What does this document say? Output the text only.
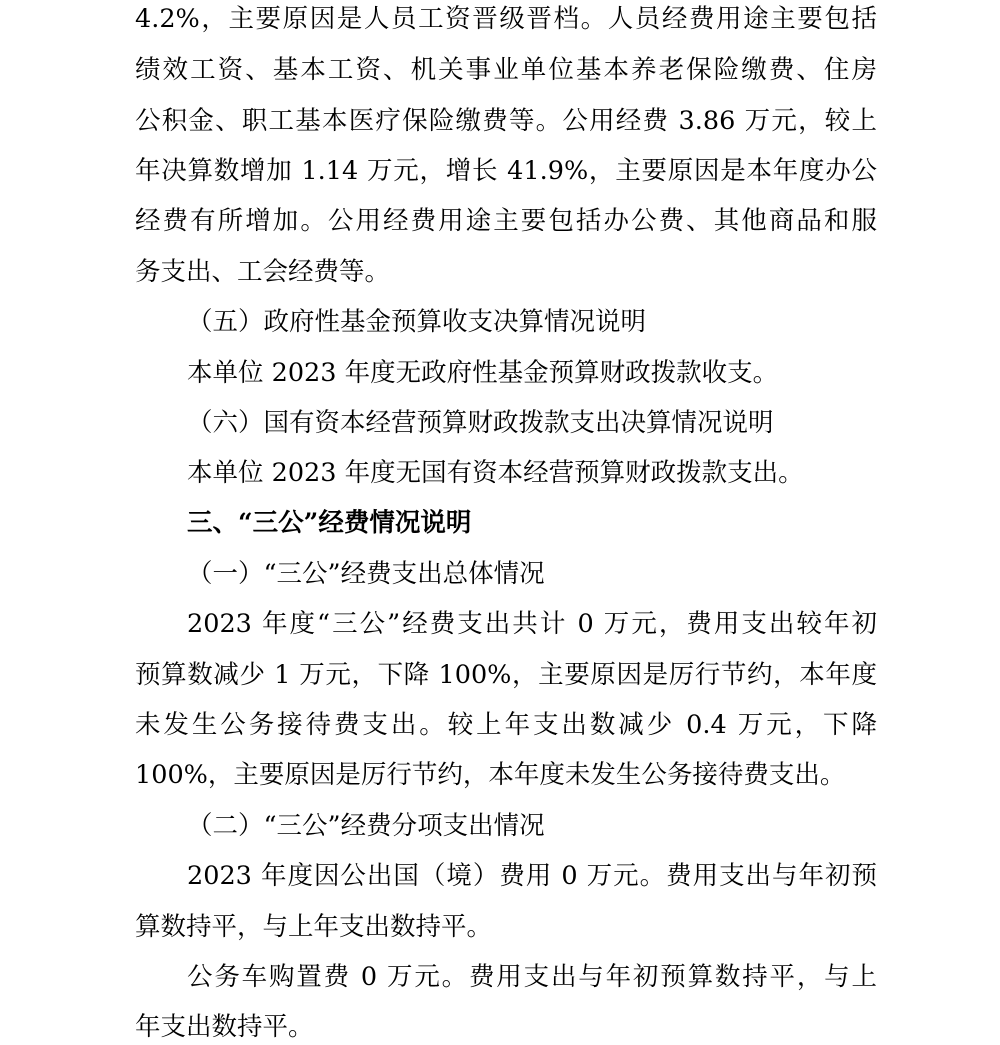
4.2%，主要原因是人员工资晋级晋档。人员经费用途主要包括
绩效工资、基本工资、机关事业单位基本养老保险缴费、住房
公积金、职工基本医疗保险缴费等。公用经费 3.86 万元，较上
年决算数增加 1.14 万元，增长 41.9%，主要原因是本年度办公
经费有所增加。公用经费用途主要包括办公费、其他商品和服
务支出、工会经费等。
（五）政府性基金预算收支决算情况说明
本单位 2023 年度无政府性基金预算财政拨款收支。
（六）国有资本经营预算财政拨款支出决算情况说明
本单位 2023 年度无国有资本经营预算财政拨款支出。
三、“三公”经费情况说明
（一）“三公”经费支出总体情况
2023 年度“三公”经费支出共计 0 万元，费用支出较年初
预算数减少 1 万元，下降 100%，主要原因是厉行节约，本年度
未发生公务接待费支出。较上年支出数减少 0.4 万元，下降
100%，主要原因是厉行节约，本年度未发生公务接待费支出。
（二）“三公”经费分项支出情况
2023 年度因公出国（境）费用 0 万元。费用支出与年初预
算数持平，与上年支出数持平。
公务车购置费 0 万元。费用支出与年初预算数持平，与上
年支出数持平。
